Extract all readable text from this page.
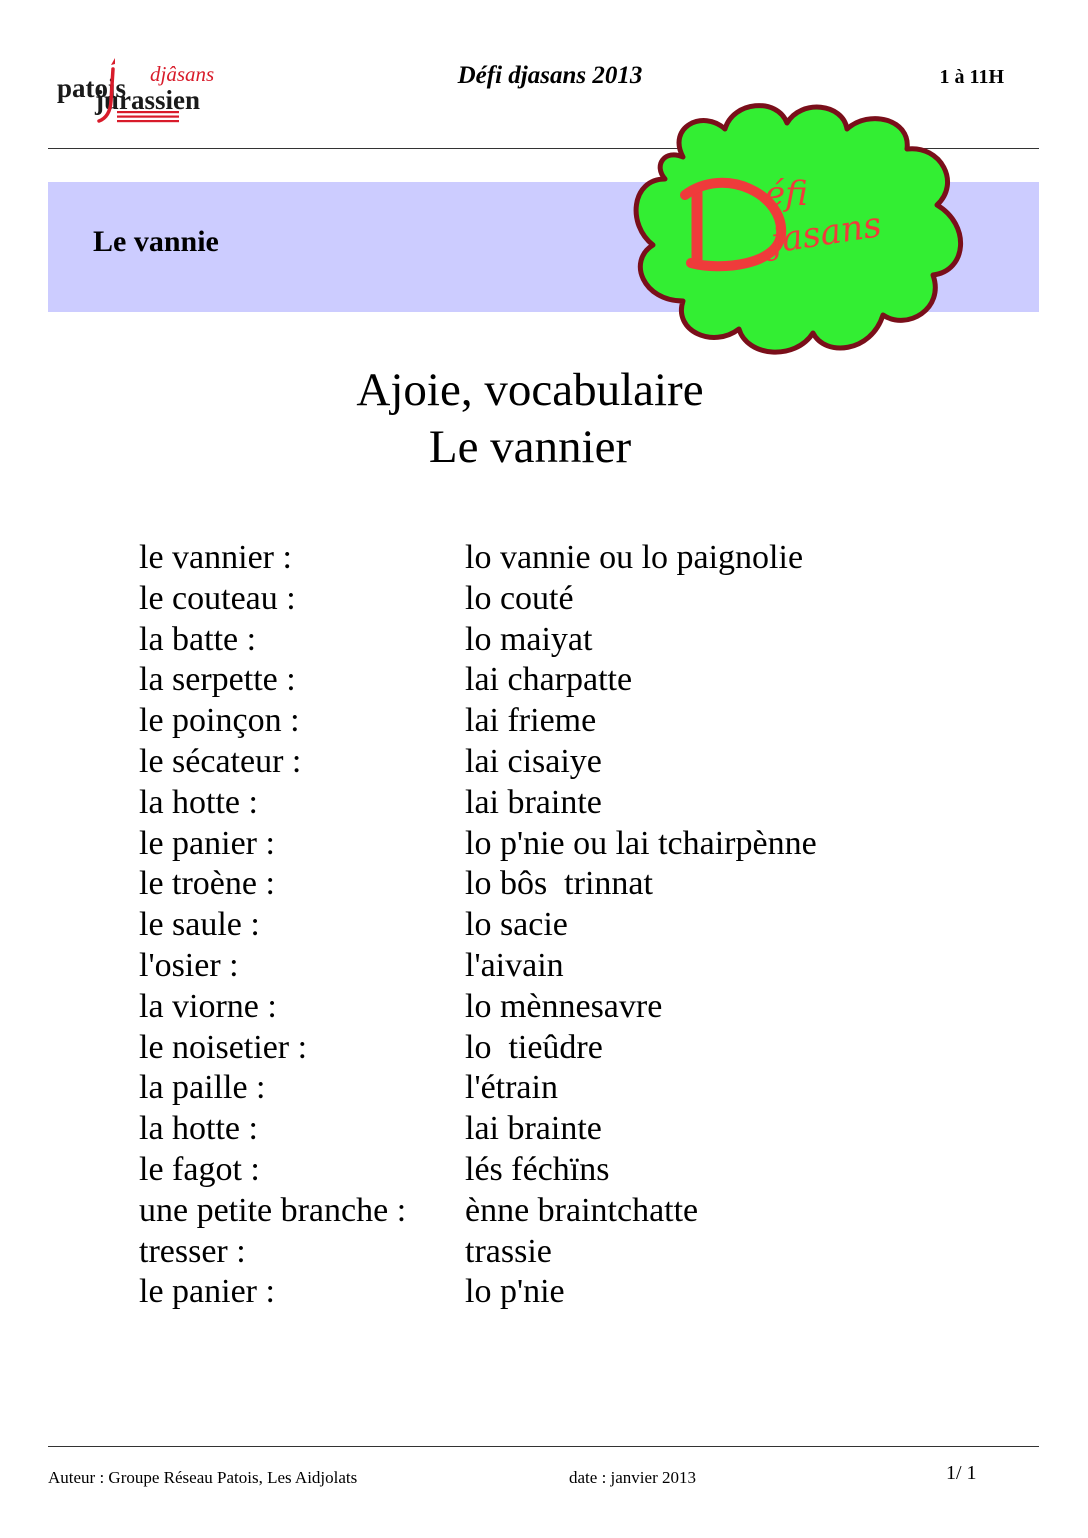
patois
jurassien
djâsans	Défi djasans 2013	1 à 11H
Le vannie
éfi
jasans
Ajoie, vocabulaire
Le vannier
le vannier :	lo vannie ou lo paignolie
le couteau :	lo couté
la batte :	lo maiyat
la serpette :	lai charpatte
le poinçon :	lai frieme
le sécateur :	lai cisaiye
la hotte :	lai brainte
le panier :	lo p'nie ou lai tchairpènne
le troène :	lo bôs  trinnat
le saule :	lo sacie
l'osier :	l'aivain
la viorne :	lo mènnesavre
le noisetier :	lo  tieûdre
la paille :	l'étrain
la hotte :	lai brainte
le fagot :	lés féchïns
une petite branche : ènne braintchatte
tresser :	trassie
le panier :	lo p'nie
Auteur : Groupe Réseau Patois, Les Aidjolats	date : janvier 2013	1/ 1
